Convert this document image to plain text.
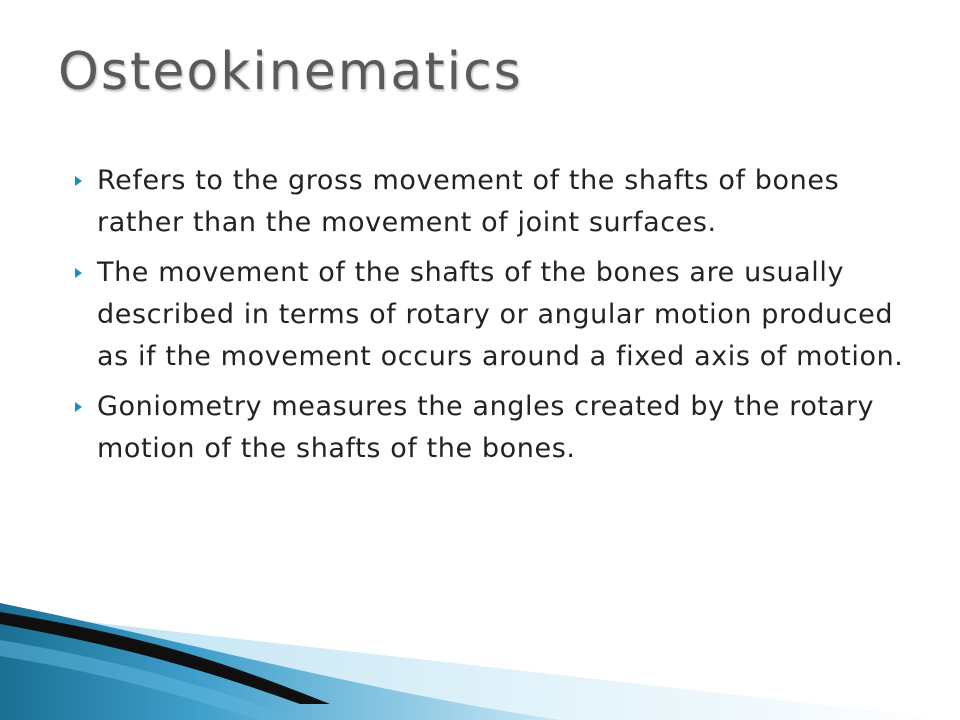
Osteokinematics
Refers to the gross movement of the shafts of bones rather than the movement of joint surfaces.
The movement of the shafts of the bones are usually described in terms of rotary or angular motion produced as if the movement occurs around a fixed axis of motion.
Goniometry measures the angles created by the rotary motion of the shafts of the bones.
